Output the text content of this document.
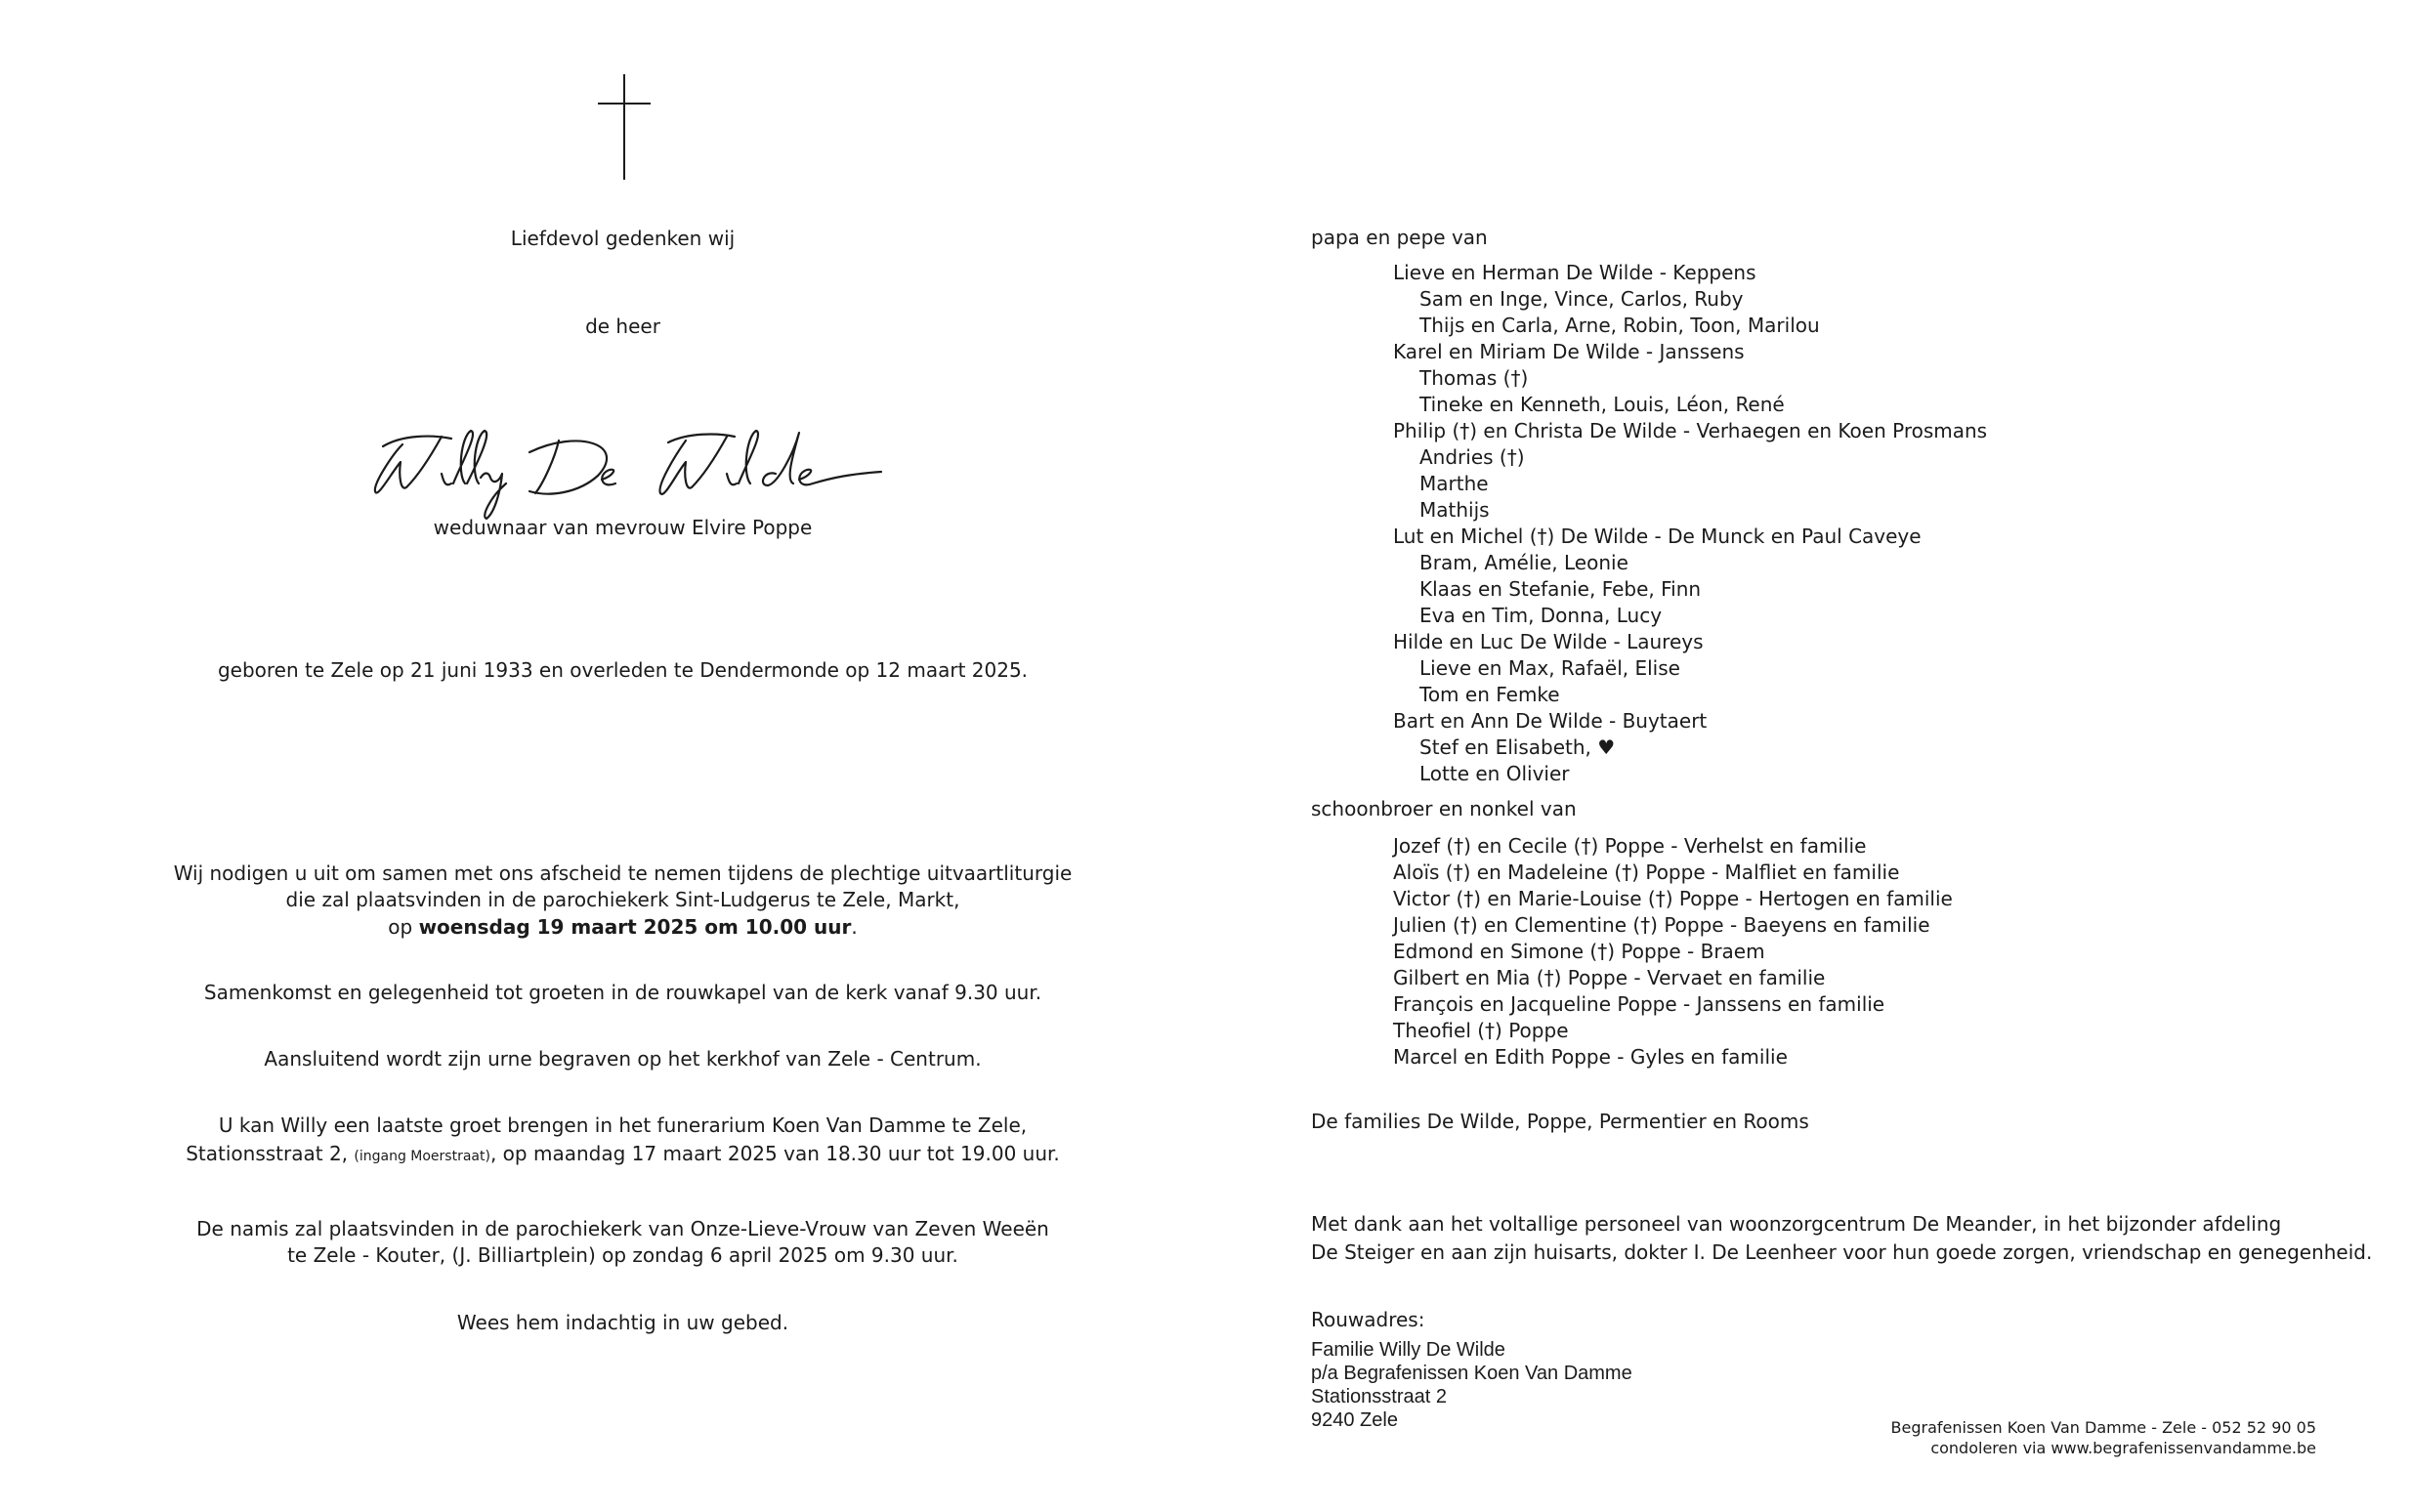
Liefdevol gedenken wij
de heer
weduwnaar van mevrouw Elvire Poppe
geboren te Zele op 21 juni 1933 en overleden te Dendermonde op 12 maart 2025.
Wij nodigen u uit om samen met ons afscheid te nemen tijdens de plechtige uitvaartliturgie
die zal plaatsvinden in de parochiekerk Sint-Ludgerus te Zele, Markt,
op woensdag 19 maart 2025 om 10.00 uur.
Samenkomst en gelegenheid tot groeten in de rouwkapel van de kerk vanaf 9.30 uur.
Aansluitend wordt zijn urne begraven op het kerkhof van Zele - Centrum.
U kan Willy een laatste groet brengen in het funerarium Koen Van Damme te Zele,
Stationsstraat 2, (ingang Moerstraat), op maandag 17 maart 2025 van 18.30 uur tot 19.00 uur.
De namis zal plaatsvinden in de parochiekerk van Onze-Lieve-Vrouw van Zeven Weeën
te Zele - Kouter, (J. Billiartplein) op zondag 6 april 2025 om 9.30 uur.
Wees hem indachtig in uw gebed.
papa en pepe van
Lieve en Herman De Wilde - Keppens
Sam en Inge, Vince, Carlos, Ruby
Thijs en Carla, Arne, Robin, Toon, Marilou
Karel en Miriam De Wilde - Janssens
Thomas (†)
Tineke en Kenneth, Louis, Léon, René
Philip (†) en Christa De Wilde - Verhaegen en Koen Prosmans
Andries (†)
Marthe
Mathijs
Lut en Michel (†) De Wilde - De Munck en Paul Caveye
Bram, Amélie, Leonie
Klaas en Stefanie, Febe, Finn
Eva en Tim, Donna, Lucy
Hilde en Luc De Wilde - Laureys
Lieve en Max, Rafaël, Elise
Tom en Femke
Bart en Ann De Wilde - Buytaert
Stef en Elisabeth, ♥
Lotte en Olivier
schoonbroer en nonkel van
Jozef (†) en Cecile (†) Poppe - Verhelst en familie
Aloïs (†) en Madeleine (†) Poppe - Malfliet en familie
Victor (†) en Marie-Louise (†) Poppe - Hertogen en familie
Julien (†) en Clementine (†) Poppe - Baeyens en familie
Edmond en Simone (†) Poppe - Braem
Gilbert en Mia (†) Poppe - Vervaet en familie
François en Jacqueline Poppe - Janssens en familie
Theofiel (†) Poppe
Marcel en Edith Poppe - Gyles en familie
De families De Wilde, Poppe, Permentier en Rooms
Met dank aan het voltallige personeel van woonzorgcentrum De Meander, in het bijzonder afdeling
De Steiger en aan zijn huisarts, dokter I. De Leenheer voor hun goede zorgen, vriendschap en genegenheid.
Rouwadres:
Familie Willy De Wilde
p/a Begrafenissen Koen Van Damme
Stationsstraat 2
9240 Zele	Begrafenissen Koen Van Damme - Zele - 052 52 90 05
condoleren via www.begrafenissenvandamme.be
